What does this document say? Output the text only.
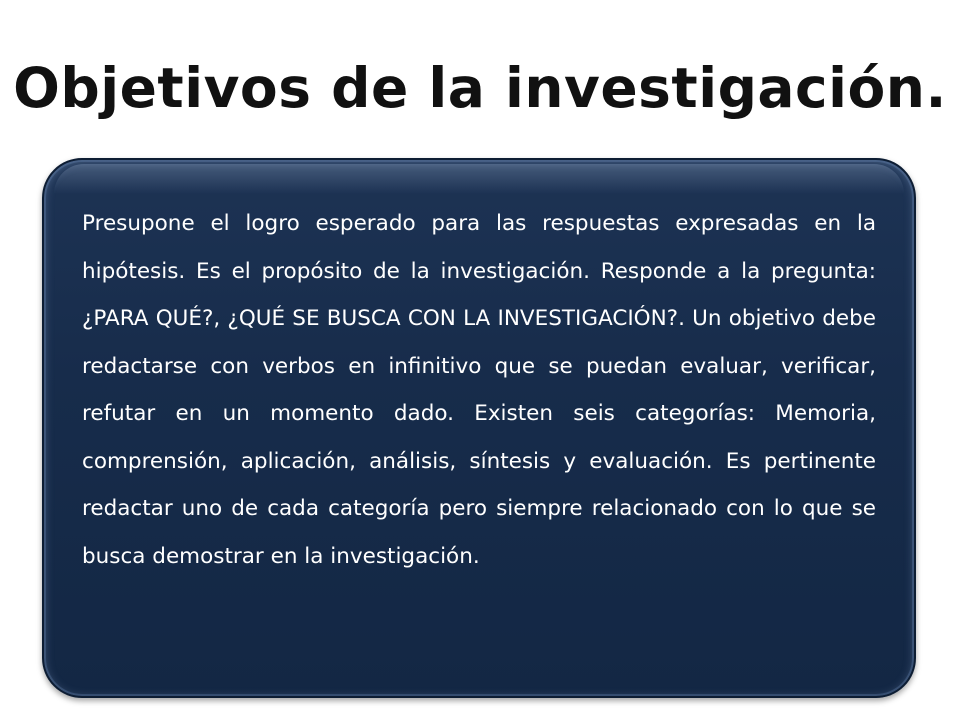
Objetivos de la investigación.

Presupone el logro esperado para las respuestas expresadas en la hipótesis. Es el propósito de la investigación. Responde a la pregunta: ¿PARA QUÉ?, ¿QUÉ SE BUSCA CON LA INVESTIGACIÓN?. Un objetivo debe redactarse con verbos en infinitivo que se puedan evaluar, verificar, refutar en un momento dado. Existen seis categorías: Memoria, comprensión, aplicación, análisis, síntesis y evaluación. Es pertinente redactar uno de cada categoría pero siempre relacionado con lo que se busca demostrar en la investigación.
